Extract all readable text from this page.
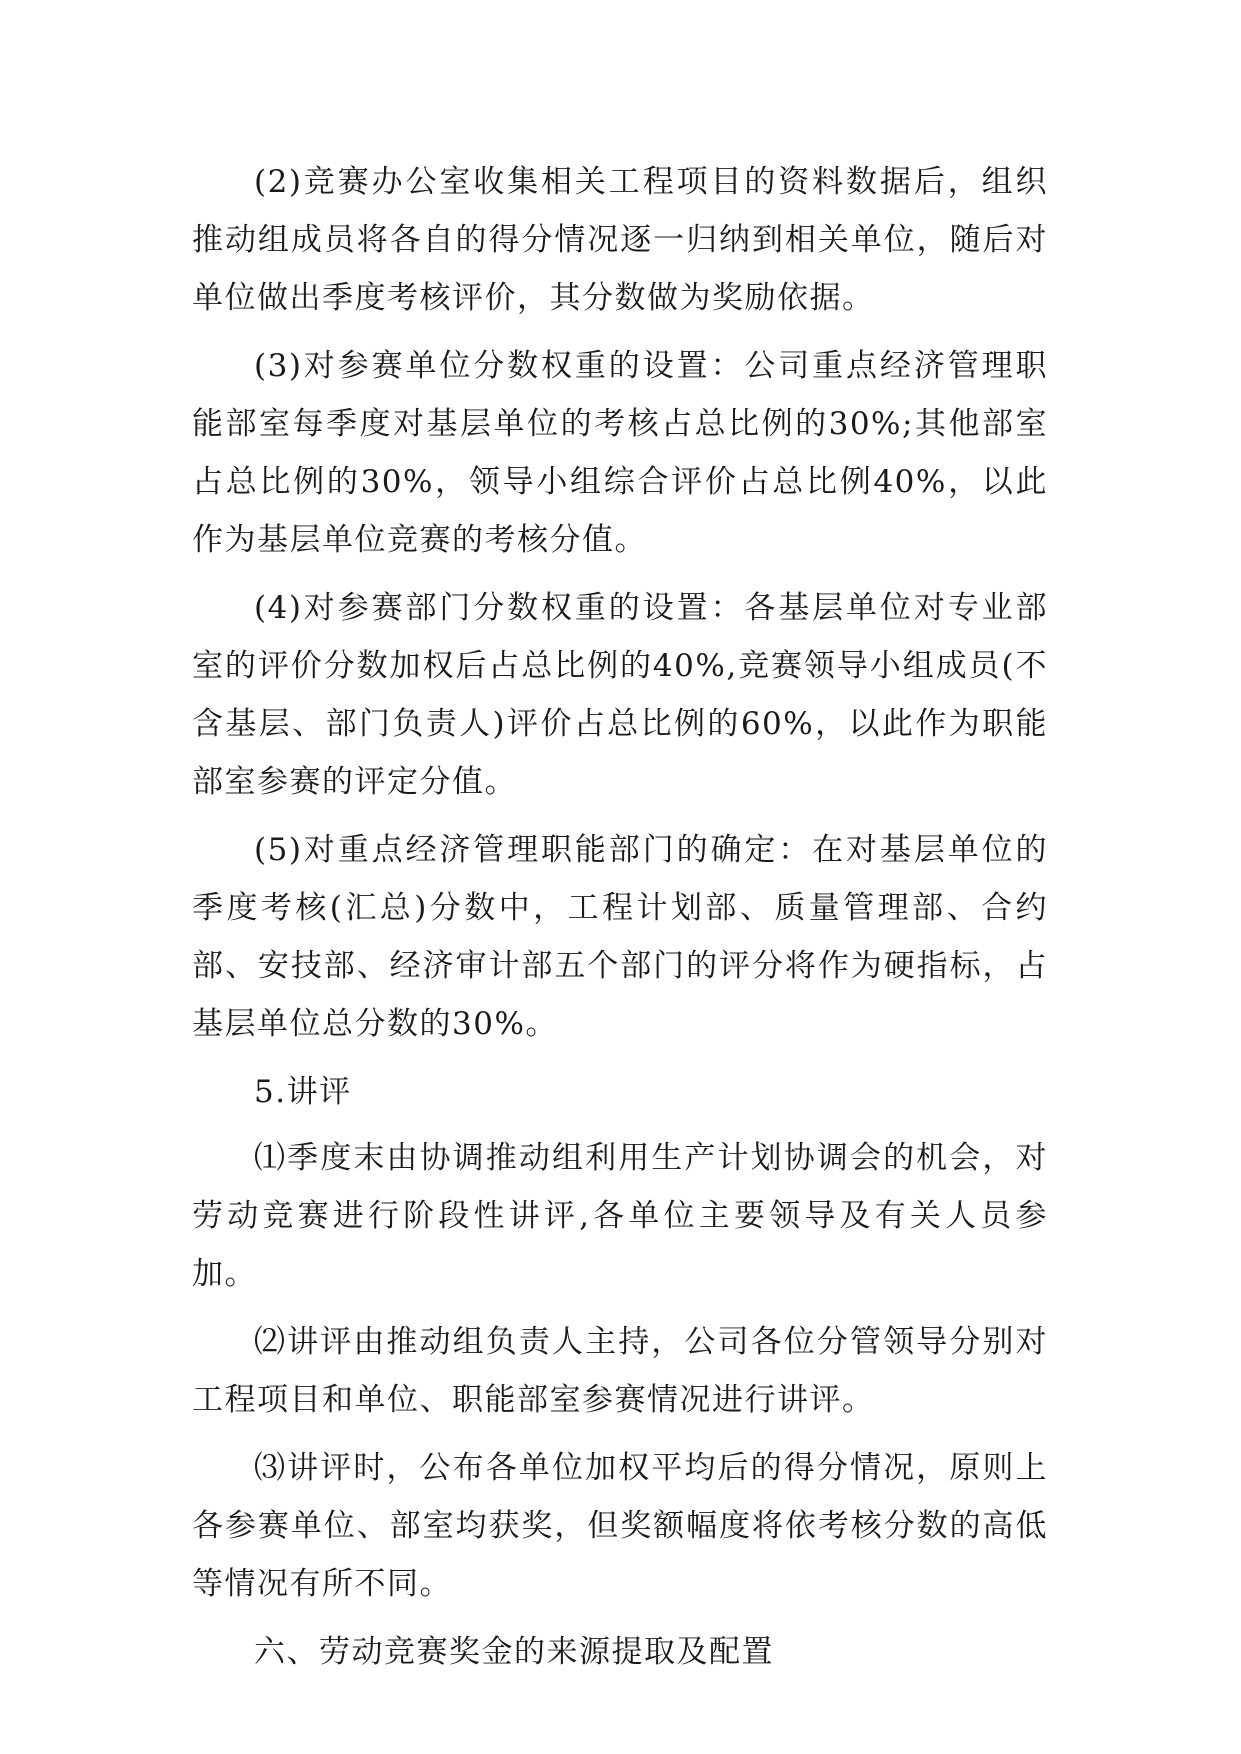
(2)竞赛办公室收集相关工程项目的资料数据后，组织推动组成员将各自的得分情况逐一归纳到相关单位，随后对单位做出季度考核评价，其分数做为奖励依据。

(3)对参赛单位分数权重的设置：公司重点经济管理职能部室每季度对基层单位的考核占总比例的30%;其他部室占总比例的30%，领导小组综合评价占总比例40%，以此作为基层单位竞赛的考核分值。

(4)对参赛部门分数权重的设置：各基层单位对专业部室的评价分数加权后占总比例的40%,竞赛领导小组成员(不含基层、部门负责人)评价占总比例的60%，以此作为职能部室参赛的评定分值。

(5)对重点经济管理职能部门的确定：在对基层单位的季度考核(汇总)分数中，工程计划部、质量管理部、合约部、安技部、经济审计部五个部门的评分将作为硬指标，占基层单位总分数的30%。

5.讲评

⑴季度末由协调推动组利用生产计划协调会的机会，对劳动竞赛进行阶段性讲评,各单位主要领导及有关人员参加。

⑵讲评由推动组负责人主持，公司各位分管领导分别对工程项目和单位、职能部室参赛情况进行讲评。

⑶讲评时，公布各单位加权平均后的得分情况，原则上各参赛单位、部室均获奖，但奖额幅度将依考核分数的高低等情况有所不同。

六、劳动竞赛奖金的来源提取及配置
